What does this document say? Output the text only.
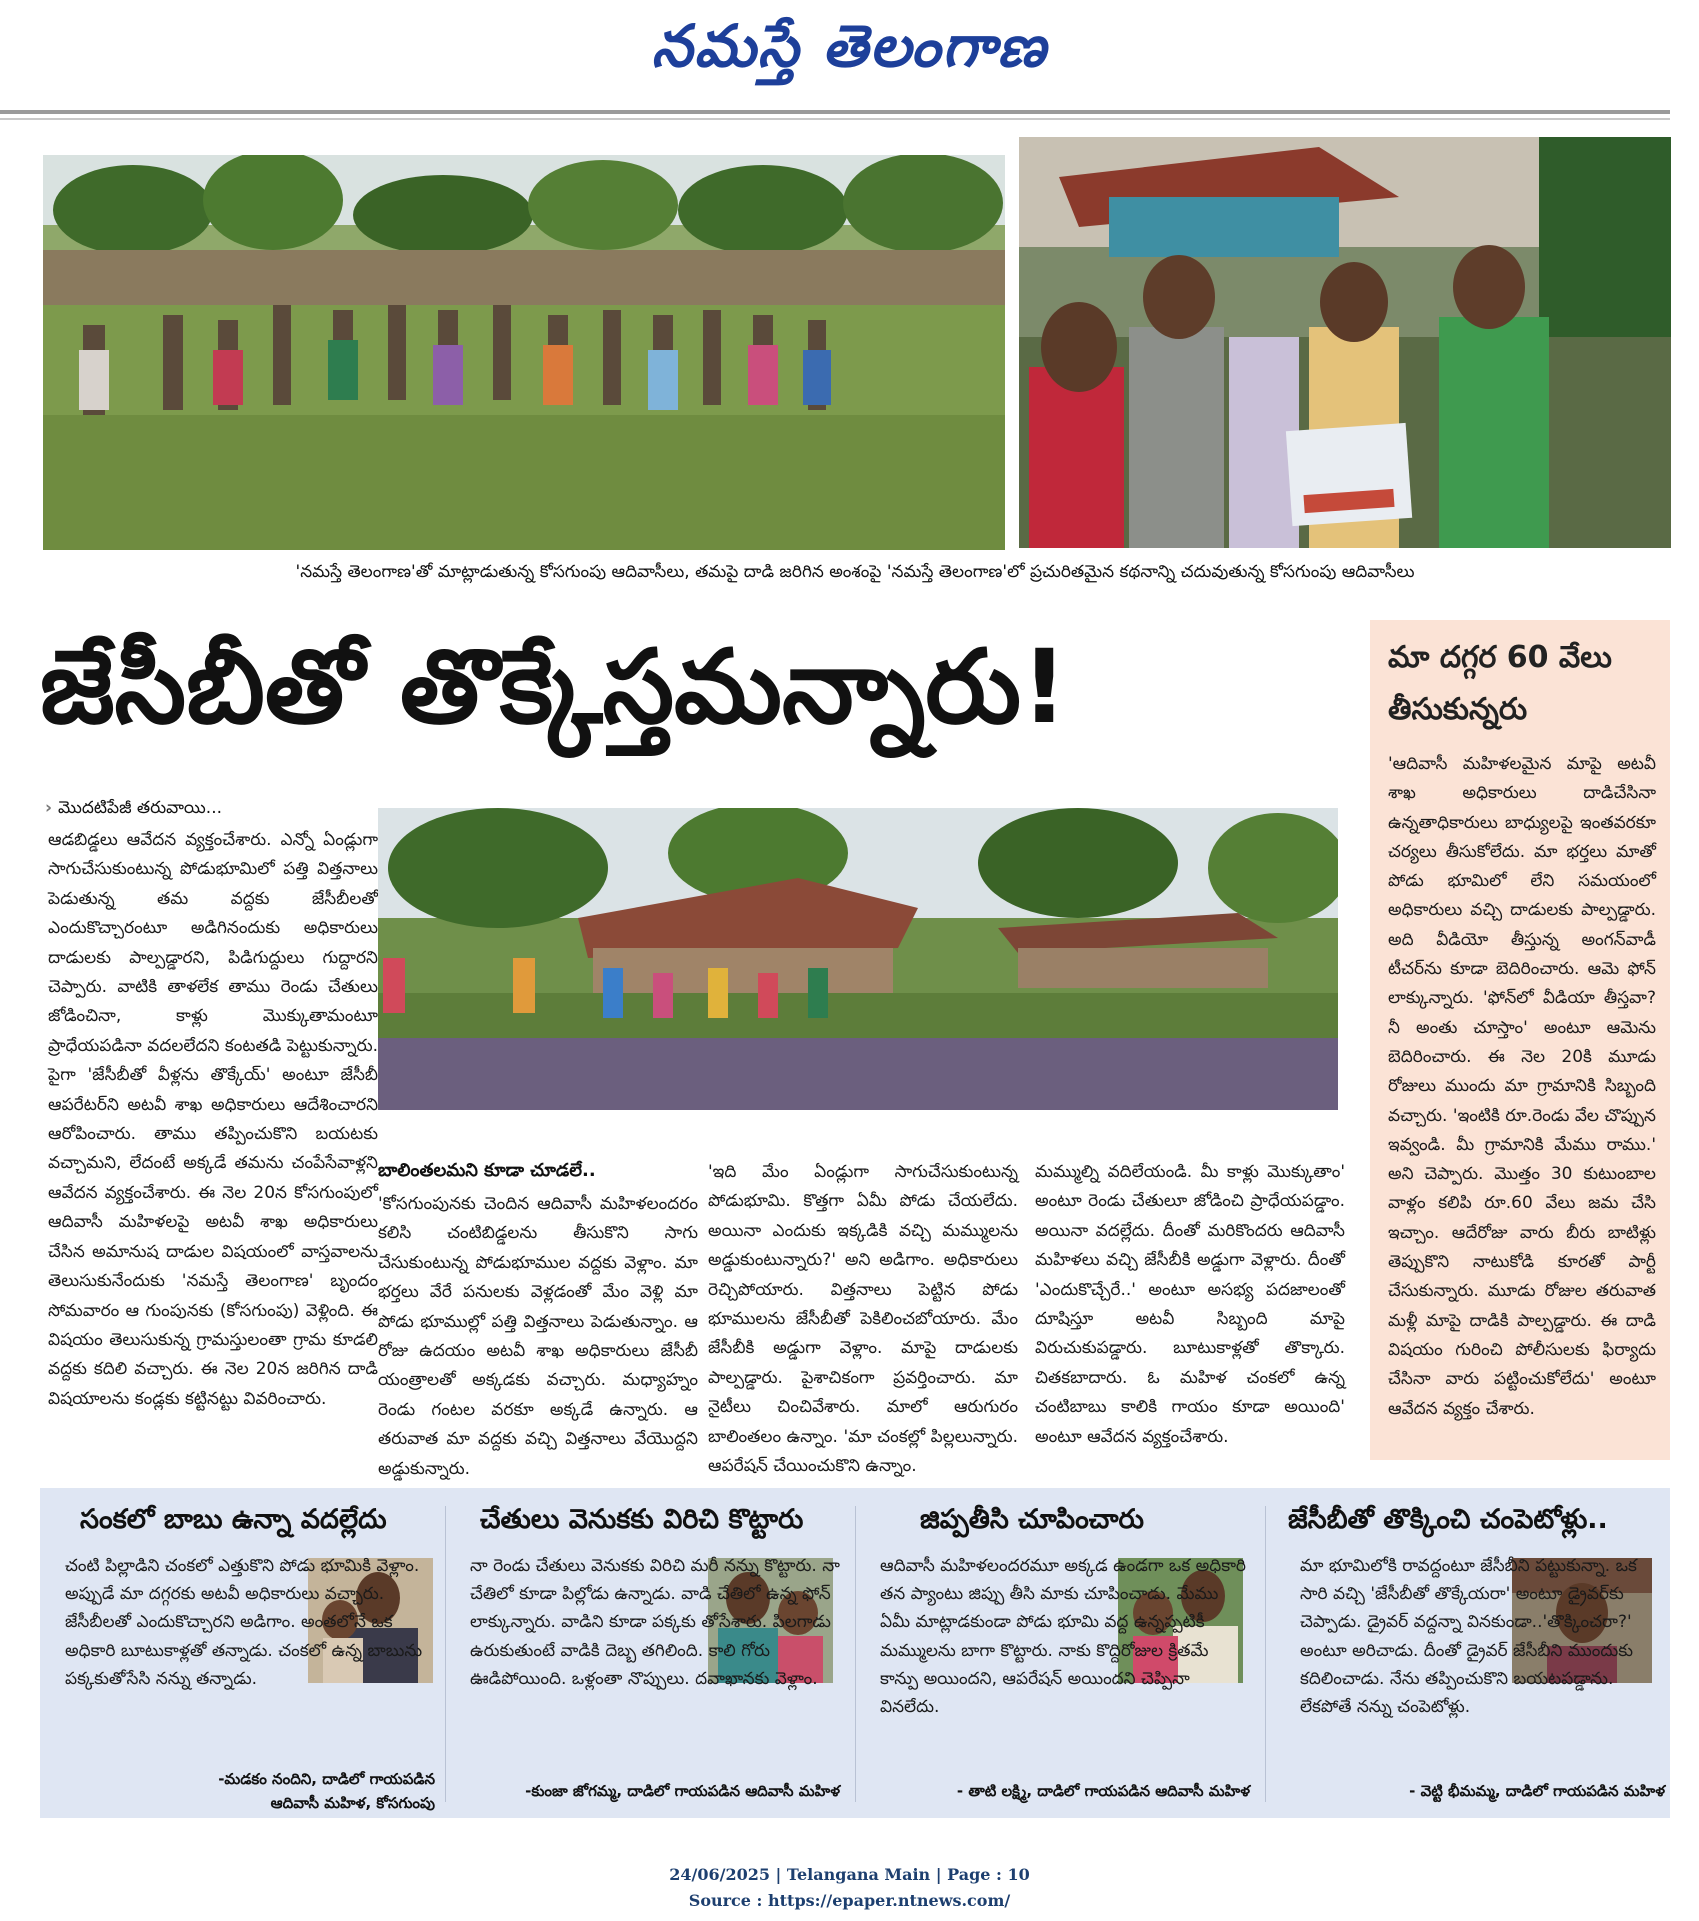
నమస్తే తెలంగాణ
'నమస్తే తెలంగాణ'తో మాట్లాడుతున్న కోసగుంపు ఆదివాసీలు, తమపై దాడి జరిగిన అంశంపై 'నమస్తే తెలంగాణ'లో ప్రచురితమైన కథనాన్ని చదువుతున్న కోసగుంపు ఆదివాసీలు
జేసీబీతో తొక్కేస్తమన్నారు!	మా దగ్గర 60 వేలు తీసుకున్నరు
'ఆదివాసీ మహిళలమైన మాపై అటవీ శాఖ అధికారులు దాడిచేసినా ఉన్నతాధికారులు బాధ్యులపై ఇంతవరకూ చర్యలు తీసుకోలేదు. మా భర్తలు మాతో పోడు భూమిలో లేని సమయంలో అధికారులు వచ్చి దాడులకు పాల్పడ్డారు. అది వీడియో తీస్తున్న అంగన్‌వాడీ టీచర్‌ను కూడా బెదిరించారు. ఆమె ఫోన్ లాక్కున్నారు. 'ఫోన్‌లో వీడియా తీస్తవా? నీ అంతు చూస్తాం' అంటూ ఆమెను బెదిరించారు. ఈ నెల 20కి మూడు రోజులు ముందు మా గ్రామానికి సిబ్బంది వచ్చారు. 'ఇంటికి రూ.రెండు వేల చొప్పున ఇవ్వండి. మీ గ్రామానికి మేము రాము.' అని చెప్పారు. మొత్తం 30 కుటుంబాల వాళ్లం కలిపి రూ.60 వేలు జమ చేసి ఇచ్చాం. ఆదేరోజు వారు బీరు బాటిళ్లు తెప్పుకొని నాటుకోడి కూరతో పార్టీ చేసుకున్నారు. మూడు రోజుల తరువాత మళ్లీ మాపై దాడికి పాల్పడ్డారు. ఈ దాడి విషయం గురించి పోలీసులకు ఫిర్యాదు చేసినా వారు పట్టించుకోలేదు' అంటూ ఆవేదన వ్యక్తం చేశారు.
› మొదటిపేజీ తరువాయి...
ఆడబిడ్డలు ఆవేదన వ్యక్తంచేశారు. ఎన్నో ఏండ్లుగా సాగుచేసుకుంటున్న పోడుభూమిలో పత్తి విత్తనాలు పెడుతున్న తమ వద్దకు జేసీబీలతో ఎందుకొచ్చారంటూ అడిగినందుకు అధికారులు దాడులకు పాల్పడ్డారని, పిడిగుద్దులు గుద్దారని చెప్పారు. వాటికి తాళలేక తాము రెండు చేతులు జోడించినా, కాళ్లు మొక్కుతామంటూ ప్రాధేయపడినా వదలలేదని కంటతడి పెట్టుకున్నారు. పైగా 'జేసీబీతో వీళ్లను తొక్కేయ్' అంటూ జేసీబీ ఆపరేటర్‌ని అటవీ శాఖ అధికారులు ఆదేశించారని ఆరోపించారు. తాము తప్పించుకొని బయటకు వచ్చామని, లేదంటే అక్కడే తమను చంపేసేవాళ్లని ఆవేదన వ్యక్తంచేశారు. ఈ నెల 20న కోసగుంపులో ఆదివాసీ మహిళలపై అటవీ శాఖ అధికారులు చేసిన అమానుష దాడుల విషయంలో వాస్తవాలను తెలుసుకునేందుకు 'నమస్తే తెలంగాణ' బృందం సోమవారం ఆ గుంపునకు (కోసగుంపు) వెళ్లింది. ఈ విషయం తెలుసుకున్న గ్రామస్తులంతా గ్రామ కూడలి వద్దకు కదిలి వచ్చారు. ఈ నెల 20న జరిగిన దాడి విషయాలను కండ్లకు కట్టినట్టు వివరించారు.
బాలింతలమని కూడా చూడలే..
'కోసగుంపునకు చెందిన ఆదివాసీ మహిళలందరం కలిసి చంటిబిడ్డలను తీసుకొని సాగు చేసుకుంటున్న పోడుభూముల వద్దకు వెళ్లాం. మా భర్తలు వేరే పనులకు వెళ్లడంతో మేం వెళ్లి మా పోడు భూముల్లో పత్తి విత్తనాలు పెడుతున్నాం. ఆ రోజు ఉదయం అటవీ శాఖ అధికారులు జేసీబీ యంత్రాలతో అక్కడకు వచ్చారు. మధ్యాహ్నం రెండు గంటల వరకూ అక్కడే ఉన్నారు. ఆ తరువాత మా వద్దకు వచ్చి విత్తనాలు వేయొద్దని అడ్డుకున్నారు.
'ఇది మేం ఏండ్లుగా సాగుచేసుకుంటున్న పోడుభూమి. కొత్తగా ఏమీ పోడు చేయలేదు. అయినా ఎందుకు ఇక్కడికి వచ్చి మమ్ములను అడ్డుకుంటున్నారు?' అని అడిగాం. అధికారులు రెచ్చిపోయారు. విత్తనాలు పెట్టిన పోడు భూములను జేసీబీతో పెకిలించబోయారు. మేం జేసీబీకి అడ్డుగా వెళ్లాం. మాపై దాడులకు పాల్పడ్డారు. పైశాచికంగా ప్రవర్తించారు. మా నైటీలు చించివేశారు. మాలో ఆరుగురం బాలింతలం ఉన్నాం. 'మా చంకల్లో పిల్లలున్నారు. ఆపరేషన్ చేయించుకొని ఉన్నాం.
మమ్ముల్ని వదిలేయండి. మీ కాళ్లు మొక్కుతాం' అంటూ రెండు చేతులూ జోడించి ప్రాధేయపడ్డాం. అయినా వదల్లేదు. దీంతో మరికొందరు ఆదివాసీ మహిళలు వచ్చి జేసీబీకి అడ్డుగా వెళ్లారు. దీంతో 'ఎందుకొచ్చేరే..' అంటూ అసభ్య పదజాలంతో దూషిస్తూ అటవీ సిబ్బంది మాపై విరుచుకుపడ్డారు. బూటుకాళ్లతో తొక్కారు. చితకబాదారు. ఓ మహిళ చంకలో ఉన్న చంటిబాబు కాలికి గాయం కూడా అయింది' అంటూ ఆవేదన వ్యక్తంచేశారు.
సంకలో బాబు ఉన్నా వదల్లేదు
చంటి పిల్లాడిని చంకలో ఎత్తుకొని పోడు భూమికి వెళ్లాం. అప్పుడే మా దగ్గరకు అటవీ అధికారులు వచ్చారు. జేసీబీలతో ఎందుకొచ్చారని అడిగాం. అంతలోనే ఒక అధికారి బూటుకాళ్లతో తన్నాడు. చంకలో ఉన్న బాబును పక్కకుతోసేసి నన్ను తన్నాడు.
-మడకం నందిని, దాడిలో గాయపడిన
ఆదివాసీ మహిళ, కోసగుంపు
చేతులు వెనుకకు విరిచి కొట్టారు
నా రెండు చేతులు వెనుకకు విరిచి మరీ నన్ను కొట్టారు. నా చేతిలో కూడా పిల్లోడు ఉన్నాడు. వాడి చేతిలో ఉన్న ఫోన్ లాక్కున్నారు. వాడిని కూడా పక్కకు తోసేశారు. పిలగాడు ఉరుకుతుంటే వాడికి దెబ్బ తగిలింది. కాలి గోరు ఊడిపోయింది. ఒళ్లంతా నొప్పులు. దవాఖానకు వెళ్లాం.
-కుంజా జోగమ్మ, దాడిలో గాయపడిన ఆదివాసీ మహిళ
జిప్పతీసి చూపించారు
ఆదివాసీ మహిళలందరమూ అక్కడ ఉండగా ఒక అధికారి తన ప్యాంటు జిప్పు తీసి మాకు చూపించాడు. మేము ఏమీ మాట్లాడకుండా పోడు భూమి వద్ద ఉన్నప్పటికీ మమ్ములను బాగా కొట్టారు. నాకు కొద్దిరోజుల క్రితమే కాన్పు అయిందని, ఆపరేషన్ అయిందని చెప్పినా వినలేదు.
- తాటి లక్ష్మి, దాడిలో గాయపడిన ఆదివాసీ మహిళ
జేసీబీతో తొక్కించి చంపెటోళ్లు..
మా భూమిలోకి రావద్దంటూ జేసీబీని పట్టుకున్నా. ఒక సారి వచ్చి 'జేసీబీతో తొక్కేయరా' అంటూ డ్రైవర్‌కు చెప్పాడు. డ్రైవర్ వద్దన్నా వినకుండా..'తొక్కించరా?' అంటూ అరిచాడు. దీంతో డ్రైవర్ జేసీబీని ముందుకు కదిలించాడు. నేను తప్పించుకొని బయటపడ్డాను. లేకపోతే నన్ను చంపెటోళ్లు.
- వెట్టి భీమమ్మ, దాడిలో గాయపడిన మహిళ
24/06/2025 | Telangana Main | Page : 10
Source : https://epaper.ntnews.com/
